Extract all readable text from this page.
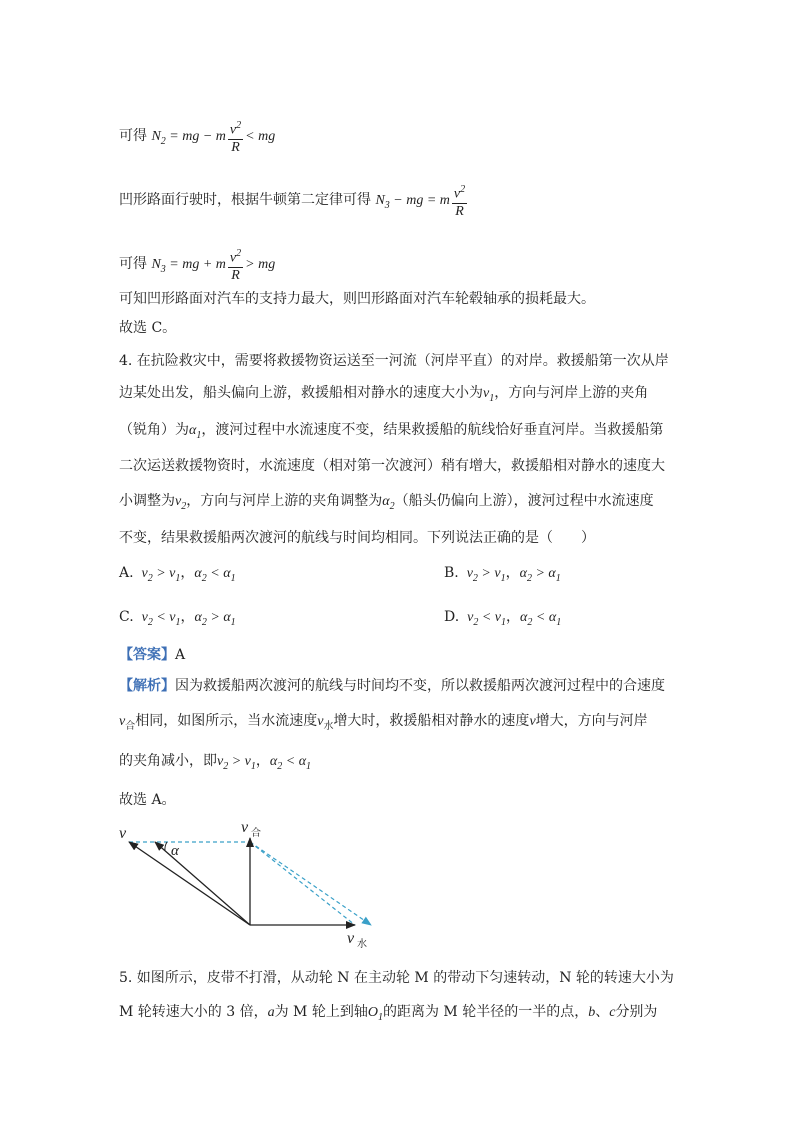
可得 $N_2$ = mg − m $\frac{v^2}{R}$ < mg
凹形路面行驶时，根据牛顿第二定律可得 $N_3$ − mg = m $\frac{v^2}{R}$
可得 $N_3$ = mg + m $\frac{v^2}{R}$ > mg
可知凹形路面对汽车的支持力最大，则凹形路面对汽车轮毂轴承的损耗最大。
故选 C。
4. 在抗险救灾中，需要将救援物资运送至一河流（河岸平直）的对岸。救援船第一次从岸
边某处出发，船头偏向上游，救援船相对静水的速度大小为$v_1$，方向与河岸上游的夹角
（锐角）为$\alpha_1$，渡河过程中水流速度不变，结果救援船的航线恰好垂直河岸。当救援船第
二次运送救援物资时，水流速度（相对第一次渡河）稍有增大，救援船相对静水的速度大
小调整为$v_2$，方向与河岸上游的夹角调整为$\alpha_2$（船头仍偏向上游），渡河过程中水流速度
不变，结果救援船两次渡河的航线与时间均相同。下列说法正确的是（　　）
A.  $v_2 > v_1$，$\alpha_2 < \alpha_1$	B.  $v_2 > v_1$，$\alpha_2 > \alpha_1$
C.  $v_2 < v_1$，$\alpha_2 > \alpha_1$	D.  $v_2 < v_1$，$\alpha_2 < \alpha_1$
【答案】A
【解析】因为救援船两次渡河的航线与时间均不变，所以救援船两次渡河过程中的合速度
$v_合$相同，如图所示，当水流速度$v_水$增大时，救援船相对静水的速度v增大，方向与河岸
的夹角减小，即$v_2 > v_1$，$\alpha_2 < \alpha_1$
故选 A。
v
α
v 合
v 水
5. 如图所示，皮带不打滑，从动轮 N 在主动轮 M 的带动下匀速转动，N 轮的转速大小为
M 轮转速大小的 3 倍，a为 M 轮上到轴$O_1$的距离为 M 轮半径的一半的点，b、c分别为
